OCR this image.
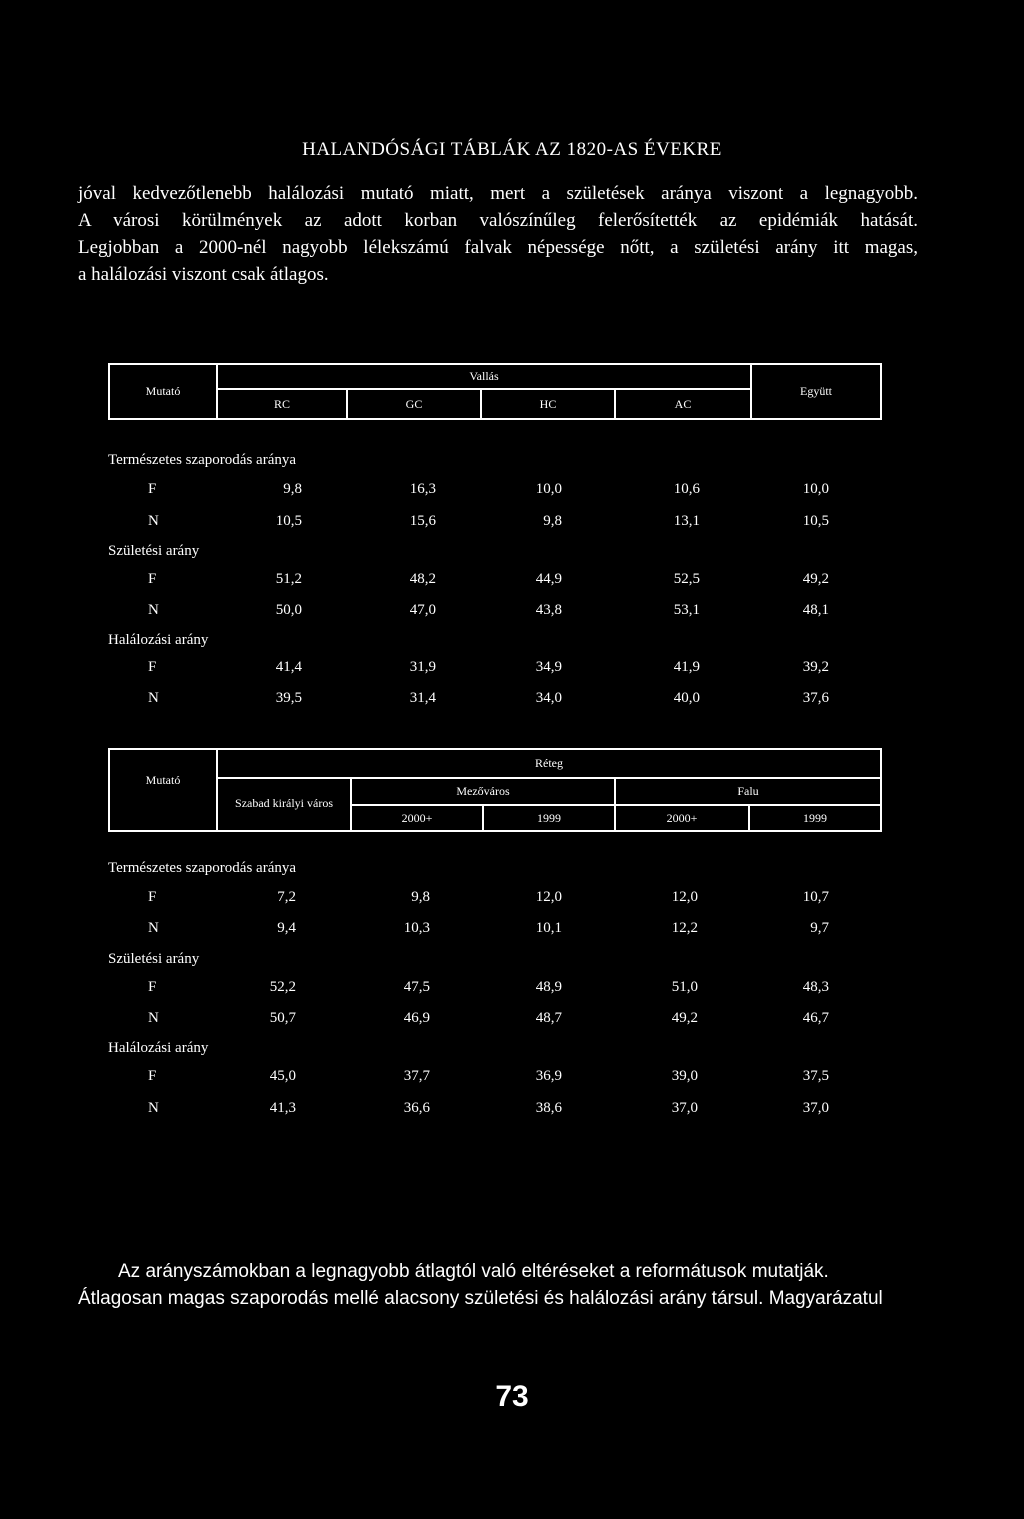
HALANDÓSÁGI TÁBLÁK AZ 1820-AS ÉVEKRE
jóval kedvezőtlenebb halálozási mutató miatt, mert a születések aránya viszont a legnagyobb.
A városi körülmények az adott korban valószínűleg felerősítették az epidémiák hatását.
Legjobban a 2000-nél nagyobb lélekszámú falvak népessége nőtt, a születési arány itt magas,
a halálozási viszont csak átlagos.
Mutató
Vallás
RC	GC	HC	AC
Együtt
Természetes szaporodás aránya
F	9,8	16,3	10,0	10,6	10,0
N	10,5	15,6	9,8	13,1	10,5
Születési arány
F	51,2	48,2	44,9	52,5	49,2
N	50,0	47,0	43,8	53,1	48,1
Halálozási arány
F	41,4	31,9	34,9	41,9	39,2
N	39,5	31,4	34,0	40,0	37,6
Mutató
Réteg
Szabad királyi város
Mezőváros	Falu
2000+	1999	2000+	1999
Természetes szaporodás aránya
F	7,2	9,8	12,0	12,0	10,7
N	9,4	10,3	10,1	12,2	9,7
Születési arány
F	52,2	47,5	48,9	51,0	48,3
N	50,7	46,9	48,7	49,2	46,7
Halálozási arány
F	45,0	37,7	36,9	39,0	37,5
N	41,3	36,6	38,6	37,0	37,0
Az arányszámokban a legnagyobb átlagtól való eltéréseket a reformátusok mutatják.
Átlagosan magas szaporodás mellé alacsony születési és halálozási arány társul. Magyarázatul
73
